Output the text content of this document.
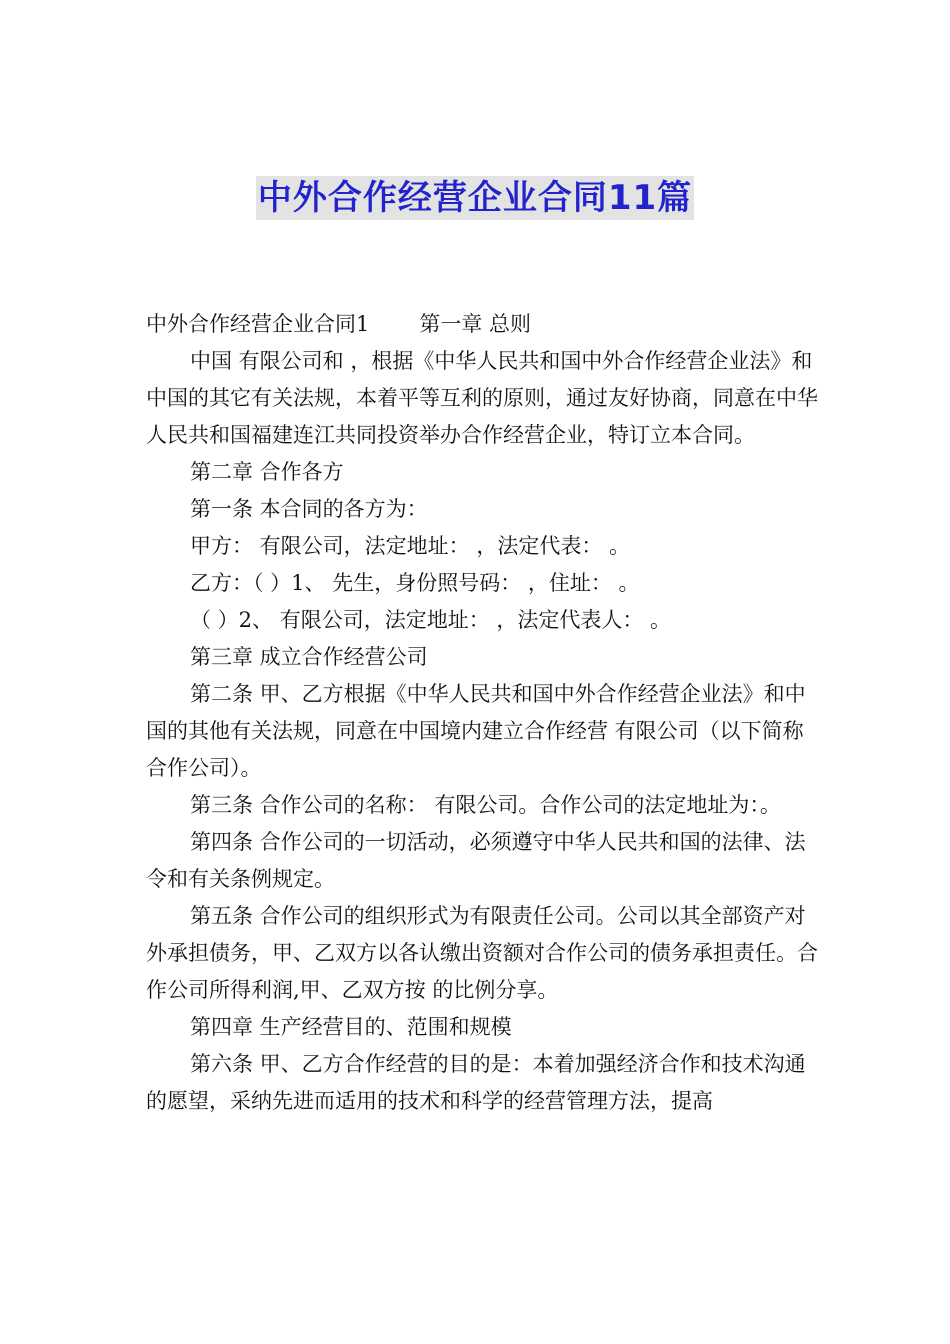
中外合作经营企业合同11篇

中外合作经营企业合同1 第一章 总则

中国 有限公司和 ，根据《中华人民共和国中外合作经营企业法》和中国的其它有关法规，本着平等互利的原则，通过友好协商，同意在中华人民共和国福建连江共同投资举办合作经营企业，特订立本合同。

第二章 合作各方

第一条 本合同的各方为：

甲方： 有限公司，法定地址： ，法定代表： 。

乙方：（ ）1、 先生，身份照号码： ，住址： 。

（ ）2、 有限公司，法定地址： ，法定代表人： 。

第三章 成立合作经营公司

第二条 甲、乙方根据《中华人民共和国中外合作经营企业法》和中国的其他有关法规，同意在中国境内建立合作经营 有限公司（以下简称合作公司）。

第三条 合作公司的名称： 有限公司。合作公司的法定地址为：。

第四条 合作公司的一切活动，必须遵守中华人民共和国的法律、法令和有关条例规定。

第五条 合作公司的组织形式为有限责任公司。公司以其全部资产对外承担债务，甲、乙双方以各认缴出资额对合作公司的债务承担责任。合作公司所得利润,甲、乙双方按 的比例分享。

第四章 生产经营目的、范围和规模

第六条 甲、乙方合作经营的目的是：本着加强经济合作和技术沟通的愿望，采纳先进而适用的技术和科学的经营管理方法，提高
